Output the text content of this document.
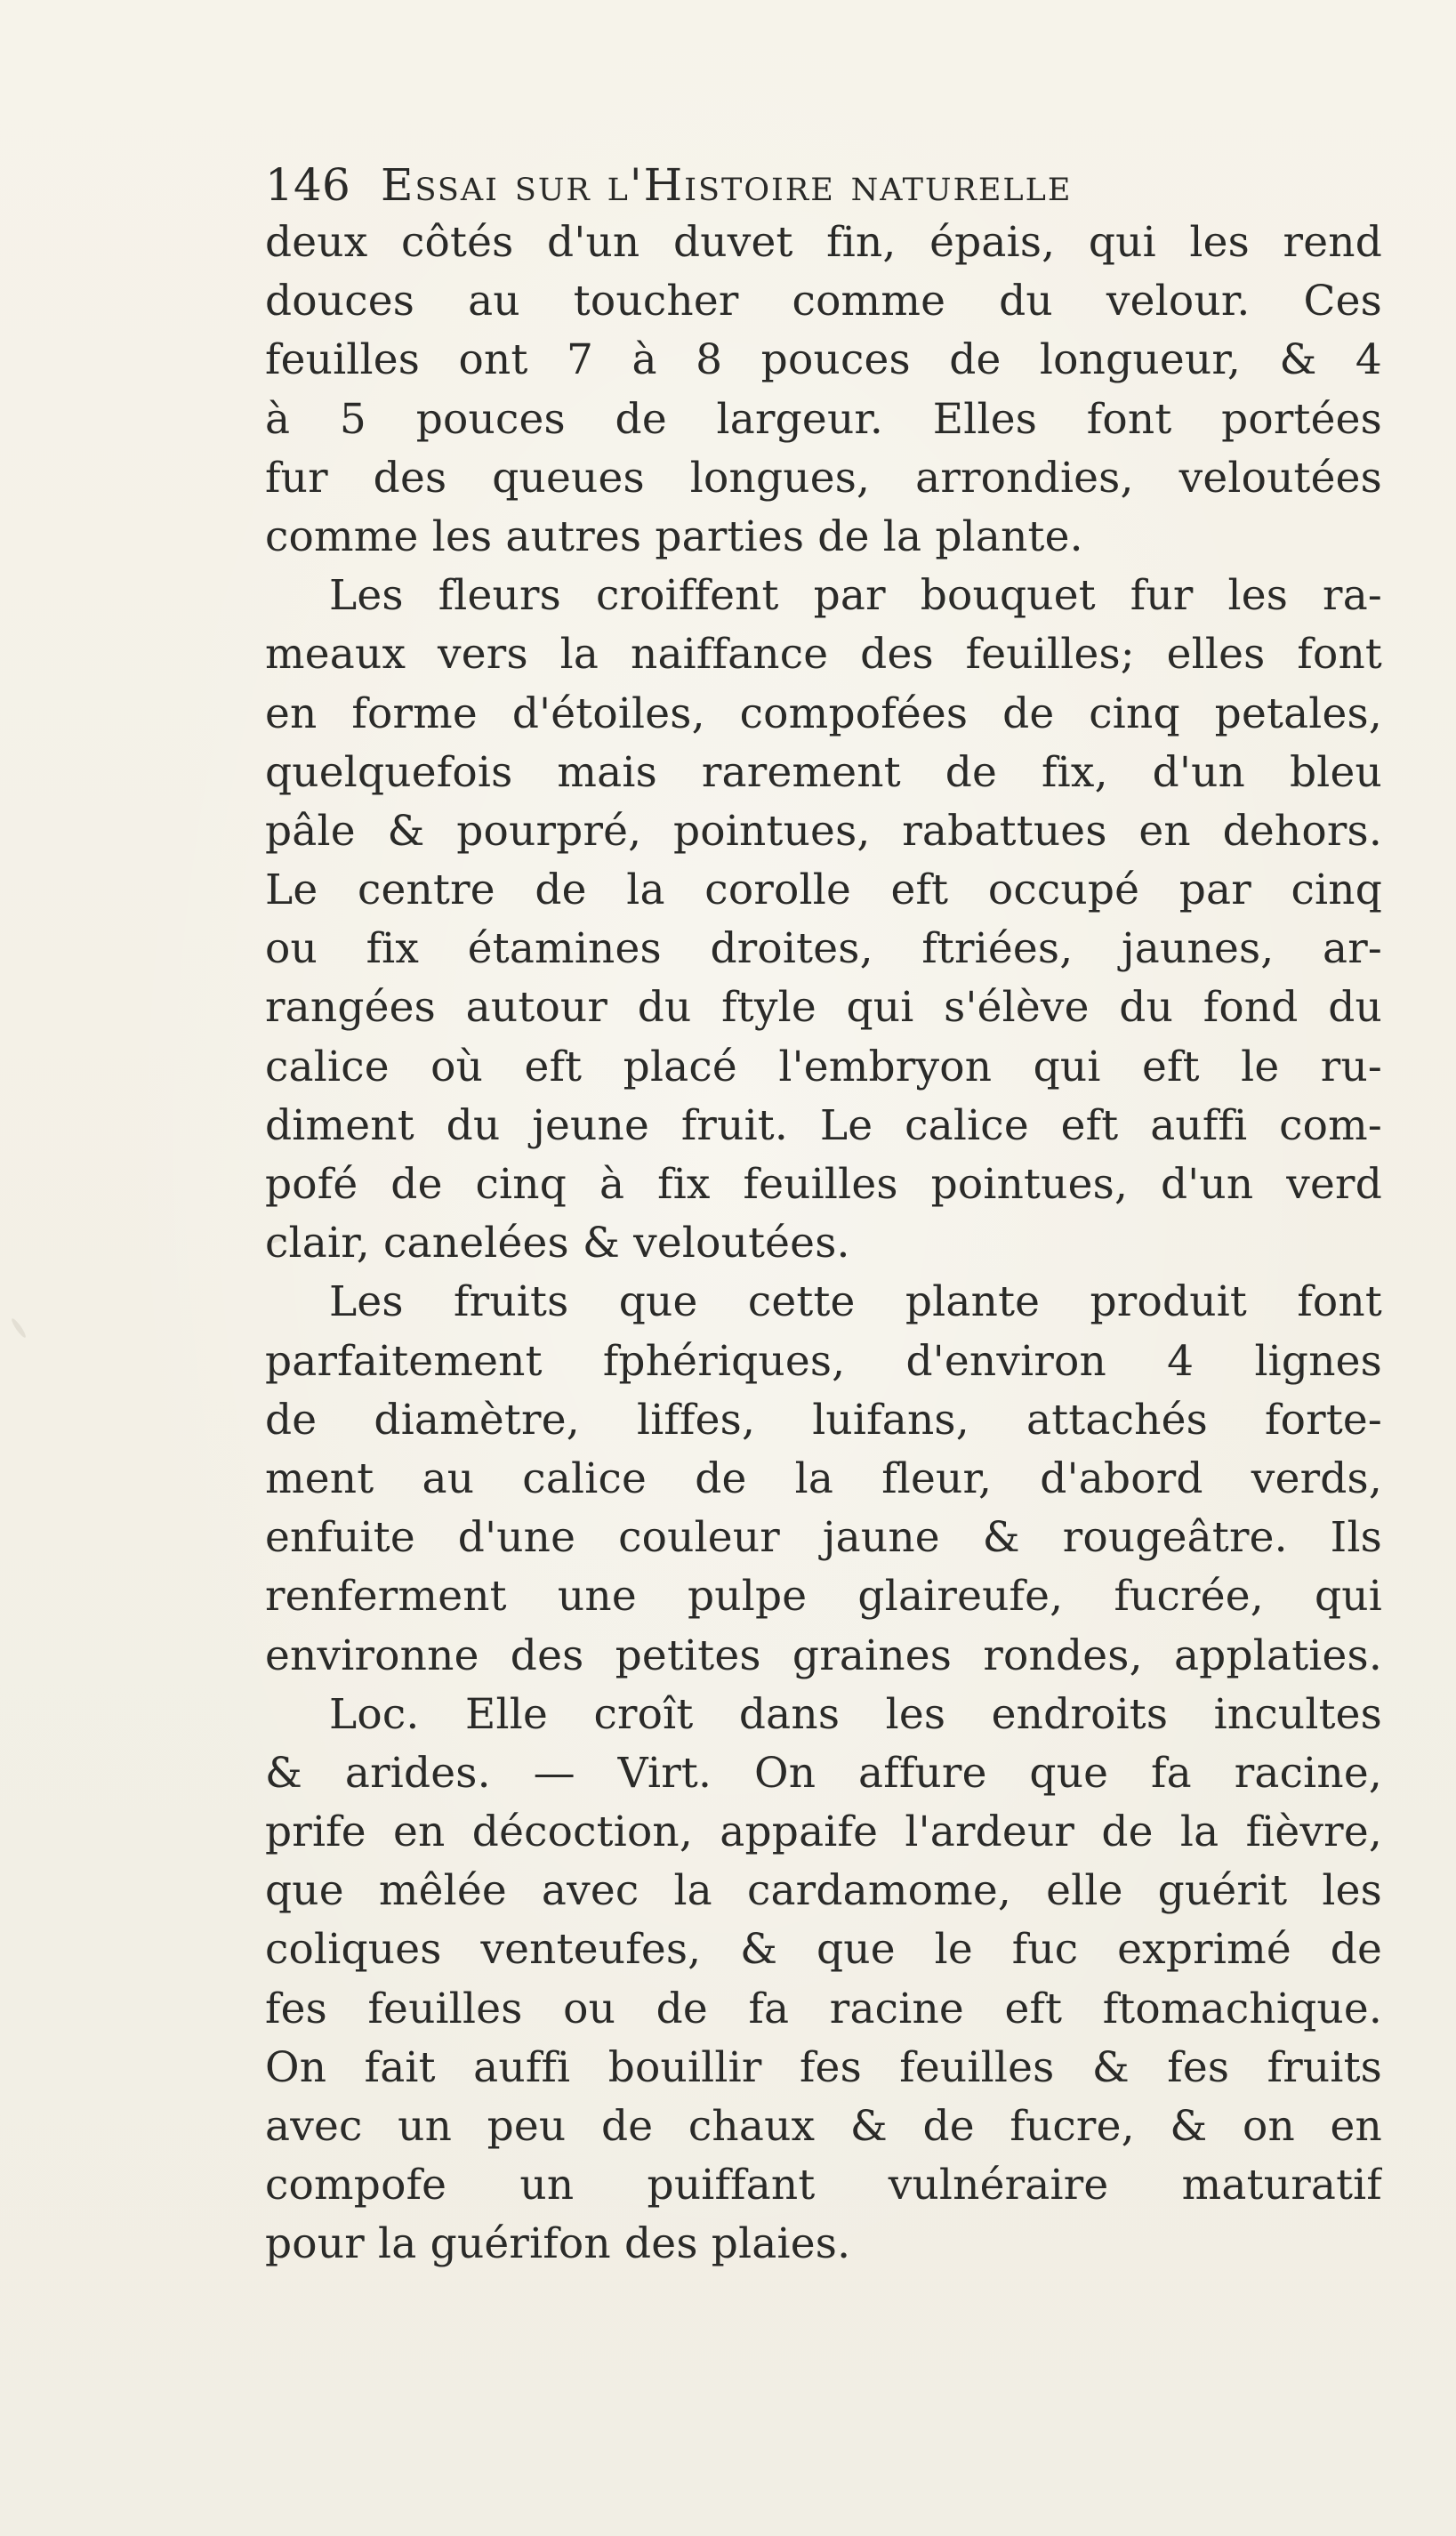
146 Essai sur l'Histoire naturelle
deux côtés d'un duvet fin, épais, qui les rend
douces au toucher comme du velour. Ces
feuilles ont 7 à 8 pouces de longueur, & 4
à 5 pouces de largeur. Elles font portées
fur des queues longues, arrondies, veloutées
comme les autres parties de la plante.
Les fleurs croiffent par bouquet fur les ra-
meaux vers la naiffance des feuilles; elles font
en forme d'étoiles, compofées de cinq petales,
quelquefois mais rarement de fix, d'un bleu
pâle & pourpré, pointues, rabattues en dehors.
Le centre de la corolle eft occupé par cinq
ou fix étamines droites, ftriées, jaunes, ar-
rangées autour du ftyle qui s'élève du fond du
calice où eft placé l'embryon qui eft le ru-
diment du jeune fruit. Le calice eft auffi com-
pofé de cinq à fix feuilles pointues, d'un verd
clair, canelées & veloutées.
Les fruits que cette plante produit font
parfaitement fphériques, d'environ 4 lignes
de diamètre, liffes, luifans, attachés forte-
ment au calice de la fleur, d'abord verds,
enfuite d'une couleur jaune & rougeâtre. Ils
renferment une pulpe glaireufe, fucrée, qui
environne des petites graines rondes, applaties.
Loc. Elle croît dans les endroits incultes
& arides. — Virt. On affure que fa racine,
prife en décoction, appaife l'ardeur de la fièvre,
que mêlée avec la cardamome, elle guérit les
coliques venteufes, & que le fuc exprimé de
fes feuilles ou de fa racine eft ftomachique.
On fait auffi bouillir fes feuilles & fes fruits
avec un peu de chaux & de fucre, & on en
compofe un puiffant vulnéraire maturatif
pour la guérifon des plaies.
